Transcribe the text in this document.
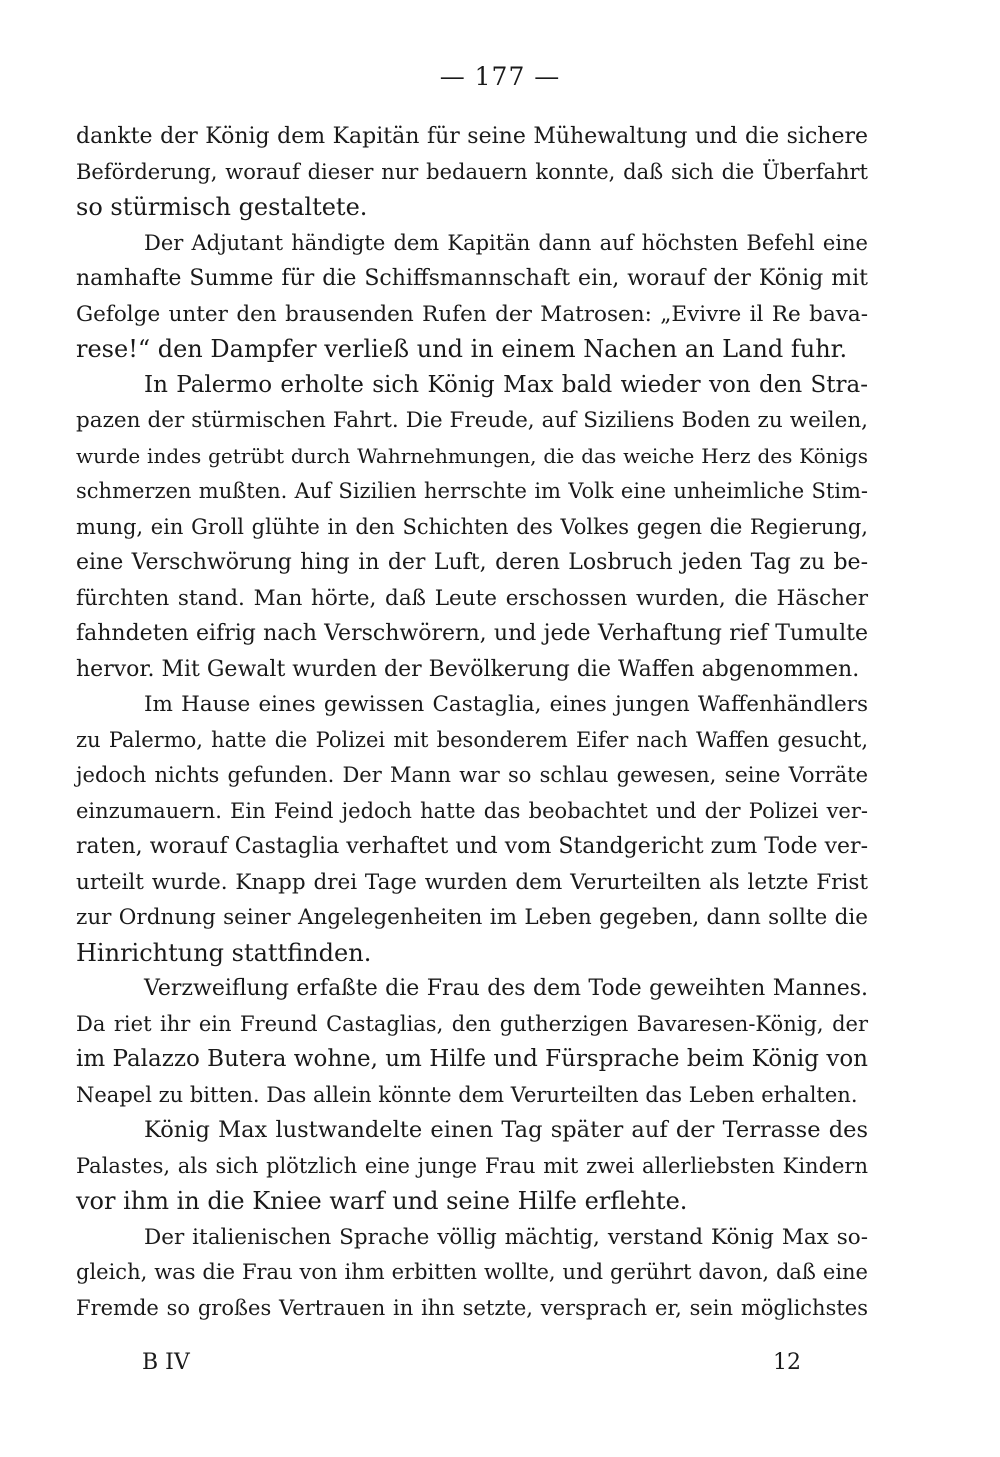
— 177 —
dankte der König dem Kapitän für seine Mühewaltung und die sichere
Beförderung, worauf dieser nur bedauern konnte, daß sich die Überfahrt
so stürmisch gestaltete.
Der Adjutant händigte dem Kapitän dann auf höchsten Befehl eine
namhafte Summe für die Schiffsmannschaft ein, worauf der König mit
Gefolge unter den brausenden Rufen der Matrosen: „Evivre il Re bava-
rese!“ den Dampfer verließ und in einem Nachen an Land fuhr.
In Palermo erholte sich König Max bald wieder von den Stra-
pazen der stürmischen Fahrt. Die Freude, auf Siziliens Boden zu weilen,
wurde indes getrübt durch Wahrnehmungen, die das weiche Herz des Königs
schmerzen mußten. Auf Sizilien herrschte im Volk eine unheimliche Stim-
mung, ein Groll glühte in den Schichten des Volkes gegen die Regierung,
eine Verschwörung hing in der Luft, deren Losbruch jeden Tag zu be-
fürchten stand. Man hörte, daß Leute erschossen wurden, die Häscher
fahndeten eifrig nach Verschwörern, und jede Verhaftung rief Tumulte
hervor. Mit Gewalt wurden der Bevölkerung die Waffen abgenommen.
Im Hause eines gewissen Castaglia, eines jungen Waffenhändlers
zu Palermo, hatte die Polizei mit besonderem Eifer nach Waffen gesucht,
jedoch nichts gefunden. Der Mann war so schlau gewesen, seine Vorräte
einzumauern. Ein Feind jedoch hatte das beobachtet und der Polizei ver-
raten, worauf Castaglia verhaftet und vom Standgericht zum Tode ver-
urteilt wurde. Knapp drei Tage wurden dem Verurteilten als letzte Frist
zur Ordnung seiner Angelegenheiten im Leben gegeben, dann sollte die
Hinrichtung stattfinden.
Verzweiflung erfaßte die Frau des dem Tode geweihten Mannes.
Da riet ihr ein Freund Castaglias, den gutherzigen Bavaresen-König, der
im Palazzo Butera wohne, um Hilfe und Fürsprache beim König von
Neapel zu bitten. Das allein könnte dem Verurteilten das Leben erhalten.
König Max lustwandelte einen Tag später auf der Terrasse des
Palastes, als sich plötzlich eine junge Frau mit zwei allerliebsten Kindern
vor ihm in die Kniee warf und seine Hilfe erflehte.
Der italienischen Sprache völlig mächtig, verstand König Max so-
gleich, was die Frau von ihm erbitten wollte, und gerührt davon, daß eine
Fremde so großes Vertrauen in ihn setzte, versprach er, sein möglichstes
B IV	12
